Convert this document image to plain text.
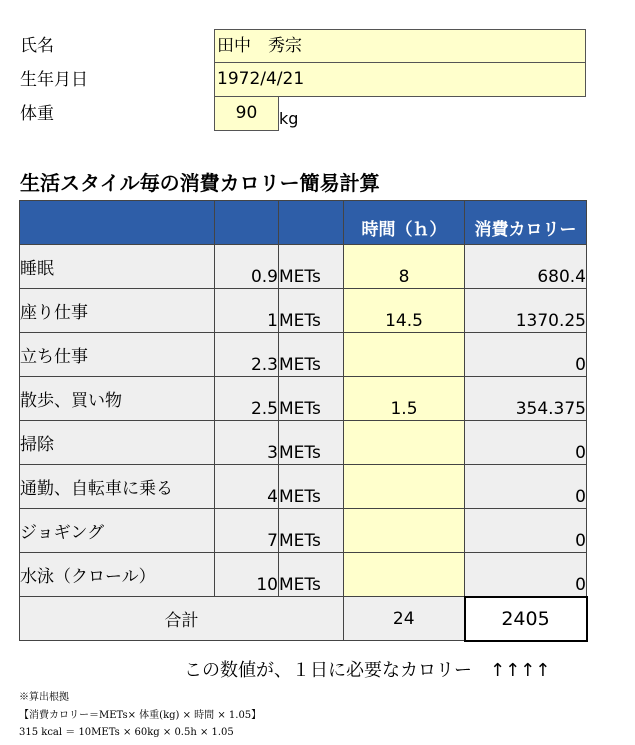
氏名	田中　秀宗
生年月日	1972/4/21
体重	90	kg
生活スタイル毎の消費カロリー簡易計算
			時間（ｈ）	消費カロリー
睡眠	0.9	METs	8	680.4
座り仕事	1	METs	14.5	1370.25
立ち仕事	2.3	METs		0
散歩、買い物	2.5	METs	1.5	354.375
掃除	3	METs		0
通勤、自転車に乗る	4	METs		0
ジョギング	7	METs		0
水泳（クロール）	10	METs		0
合計			24	2405
この数値が、１日に必要なカロリー　↑↑↑↑
※算出根拠
【消費カロリー＝METs× 体重(kg) × 時間 × 1.05】
315 kcal ＝ 10METs × 60kg × 0.5h × 1.05
